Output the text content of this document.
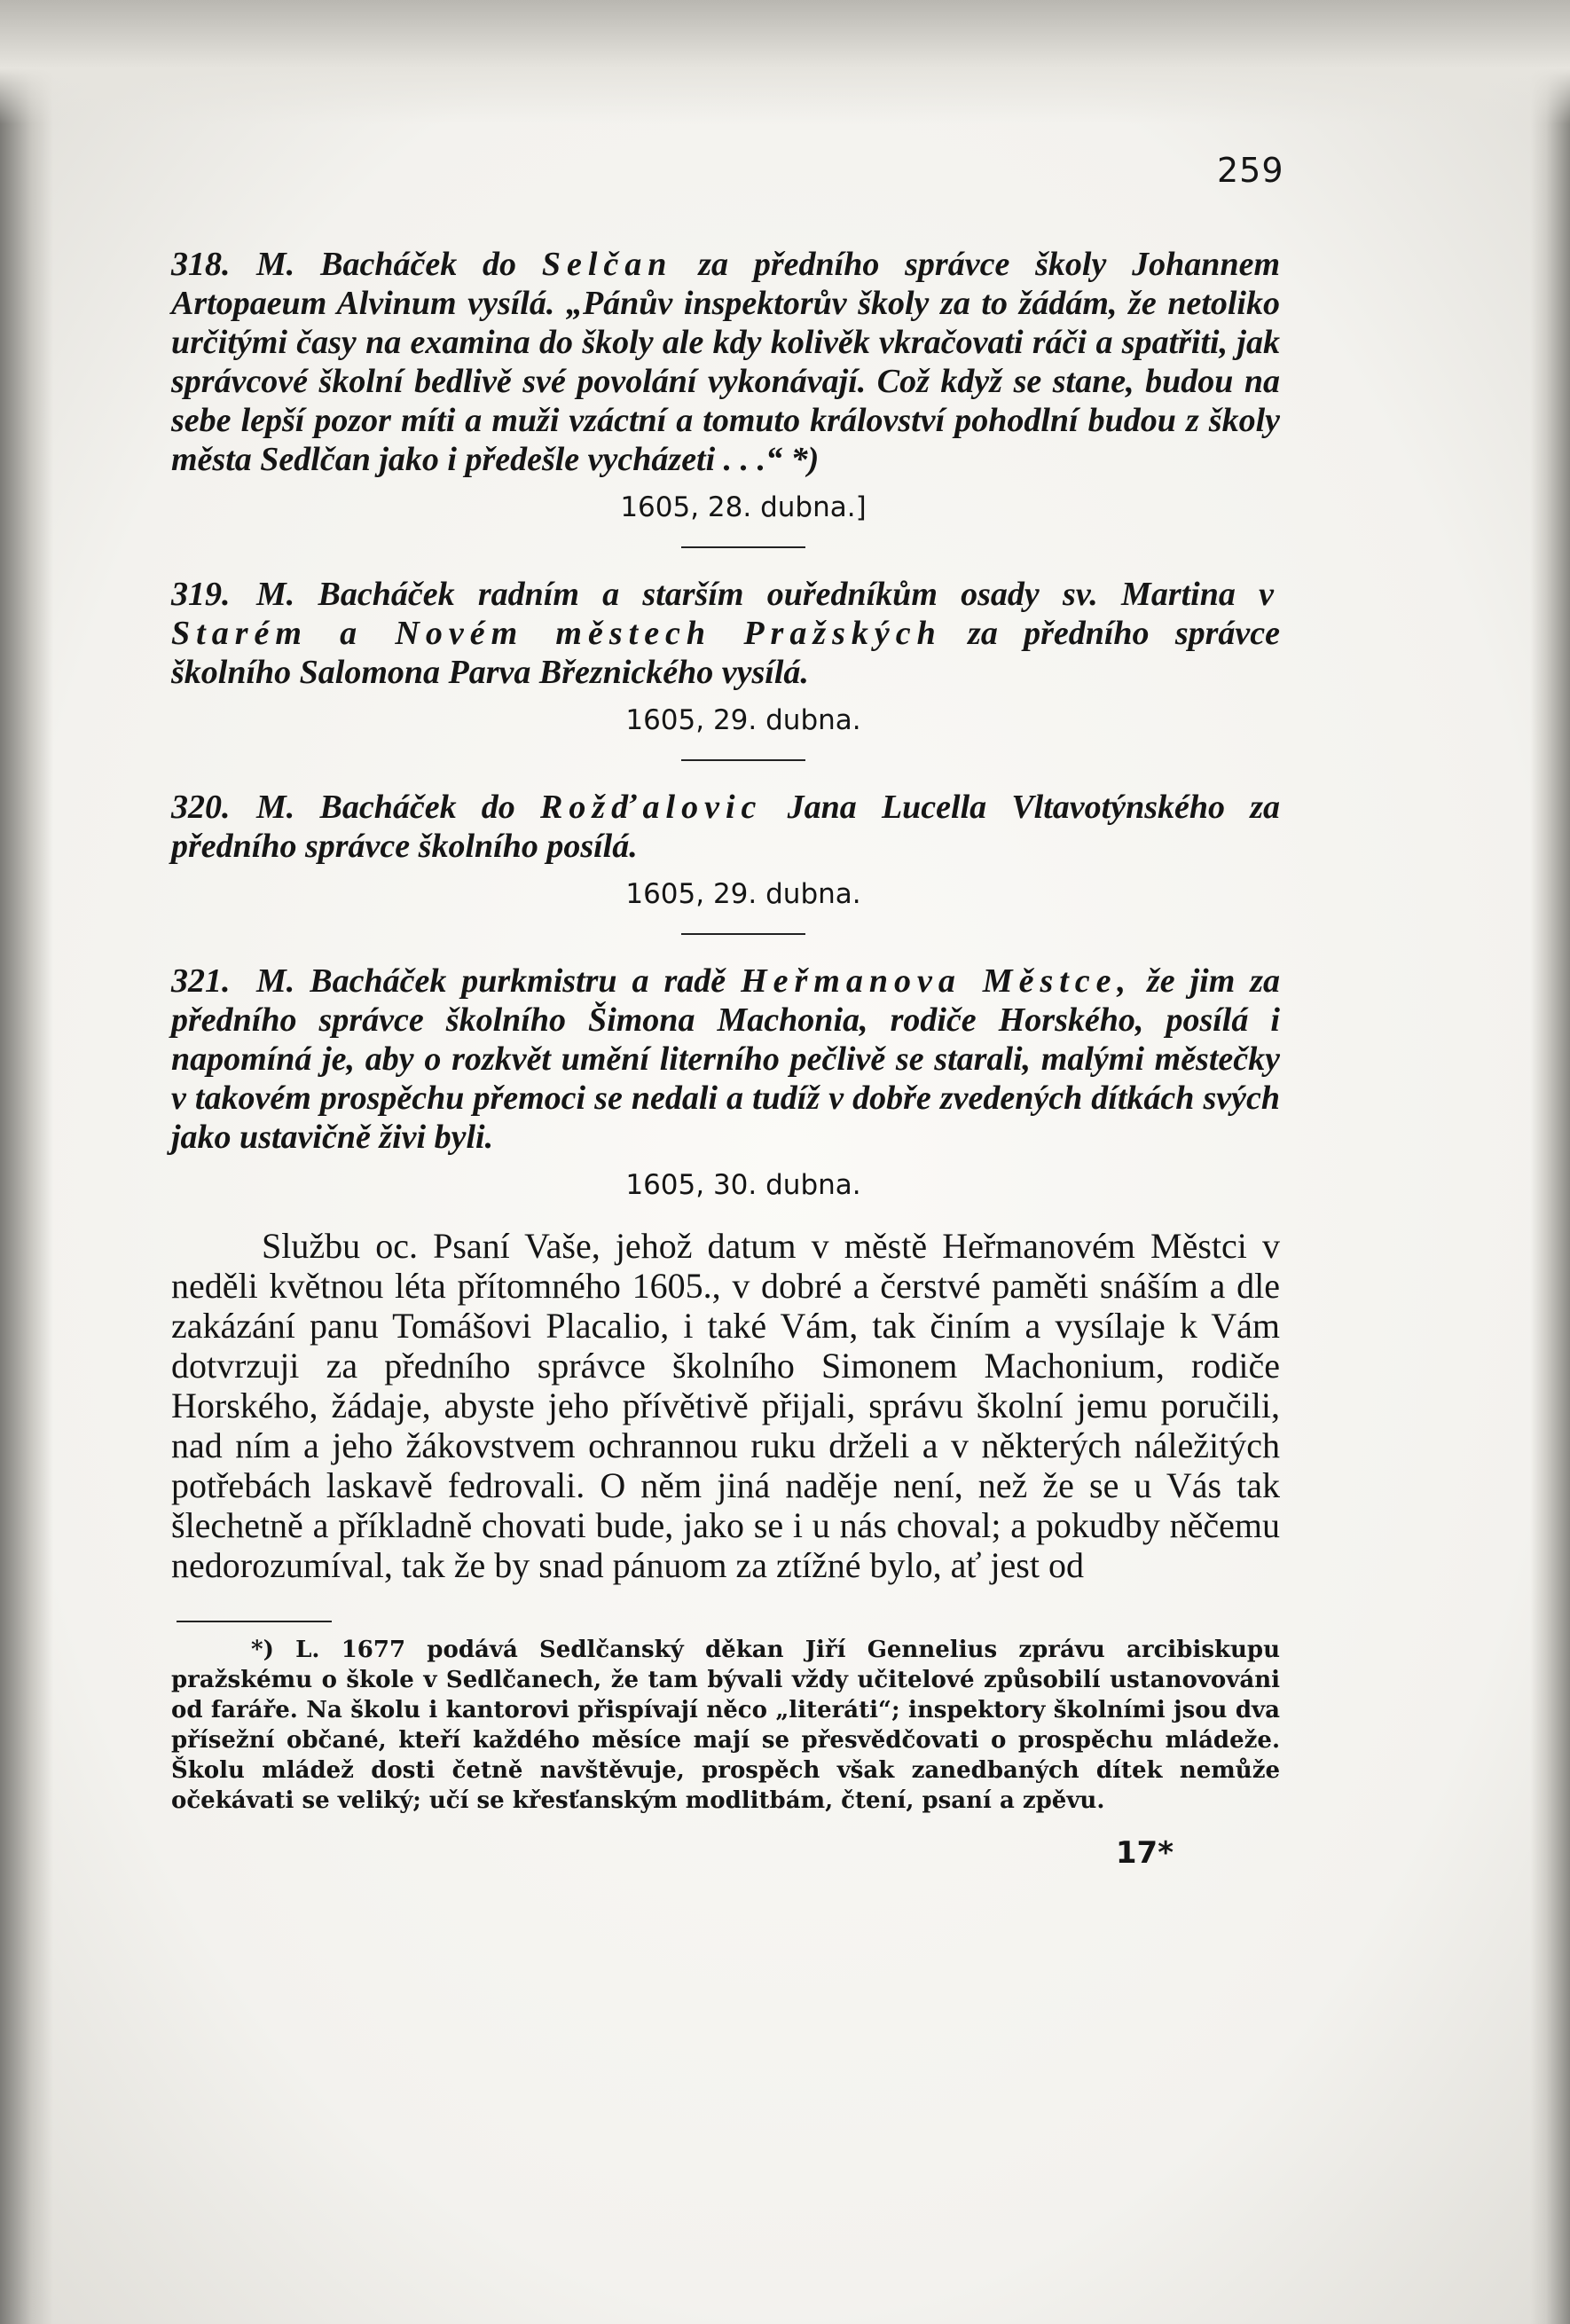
259

318. M. Bacháček do Selčan za předního správce školy Johannem Artopaeum Alvinum vysílá. „Pánův inspektorův školy za to žádám, že netoliko určitými časy na examina do školy ale kdy kolivěk vkračovati ráči a spatřiti, jak správcové školní bedlivě své povolání vykonávají. Což když se stane, budou na sebe lepší pozor míti a muži vzáctní a tomuto království pohodlní budou z školy města Sedlčan jako i předešle vycházeti . . .“ *)

1605, 28. dubna.]

319. M. Bacháček radním a starším ouředníkům osady sv. Martina v Starém a Novém městech Pražských za předního správce školního Salomona Parva Březnického vysílá.

1605, 29. dubna.

320. M. Bacháček do Rožďalovic Jana Lucella Vltavotýnského za předního správce školního posílá.

1605, 29. dubna.

321. M. Bacháček purkmistru a radě Heřmanova Městce, že jim za předního správce školního Šimona Machonia, rodiče Horského, posílá i napomíná je, aby o rozkvět umění literního pečlivě se starali, malými městečky v takovém prospěchu přemoci se nedali a tudíž v dobře zvedených dítkách svých jako ustavičně živi byli.

1605, 30. dubna.

Službu oc. Psaní Vaše, jehož datum v městě Heřmanovém Městci v neděli květnou léta přítomného 1605., v dobré a čerstvé paměti snáším a dle zakázání panu Tomášovi Placalio, i také Vám, tak činím a vysílaje k Vám dotvrzuji za předního správce školního Simonem Machonium, rodiče Horského, žádaje, abyste jeho přívětivě přijali, správu školní jemu poručili, nad ním a jeho žákovstvem ochrannou ruku drželi a v některých náležitých potřebách laskavě fedrovali. O něm jiná naděje není, než že se u Vás tak šlechetně a příkladně chovati bude, jako se i u nás choval; a pokudby něčemu nedorozumíval, tak že by snad pánuom za ztížné bylo, ať jest od

*) L. 1677 podává Sedlčanský děkan Jiří Gennelius zprávu arcibiskupu pražskému o škole v Sedlčanech, že tam bývali vždy učitelové způsobilí ustanovováni od faráře. Na školu i kantorovi přispívají něco „literáti“; inspektory školními jsou dva přísežní občané, kteří každého měsíce mají se přesvědčovati o prospěchu mládeže. Školu mládež dosti četně navštěvuje, prospěch však zanedbaných dítek nemůže očekávati se veliký; učí se křesťanským modlitbám, čtení, psaní a zpěvu.

17*
